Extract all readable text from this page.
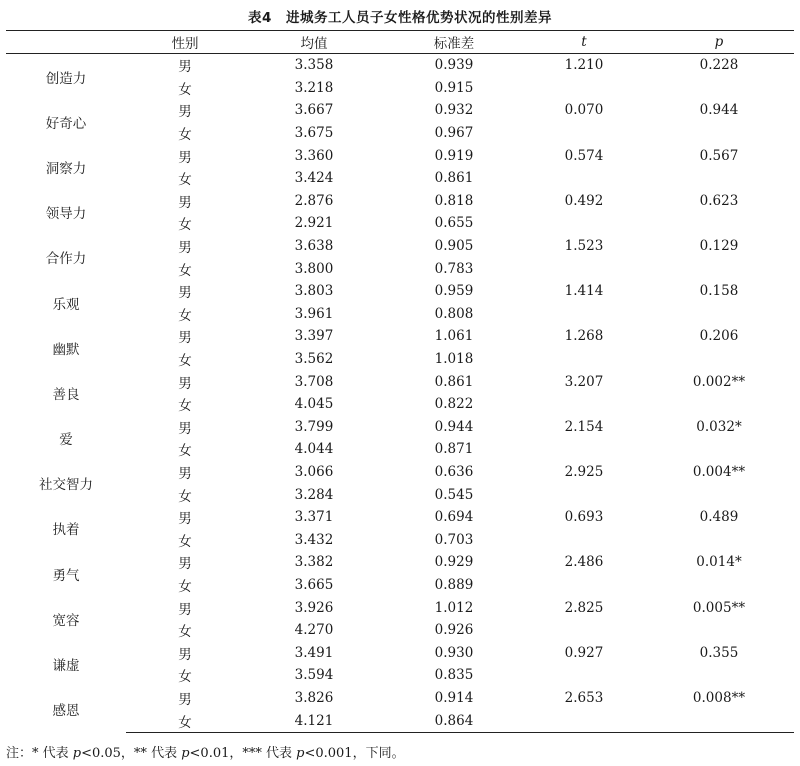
表4　进城务工人员子女性格优势状况的性别差异
	性别	均值	标准差	t	p
创造力	男	3.358	0.939	1.210	0.228
	女	3.218	0.915		
好奇心	男	3.667	0.932	0.070	0.944
	女	3.675	0.967		
洞察力	男	3.360	0.919	0.574	0.567
	女	3.424	0.861		
领导力	男	2.876	0.818	0.492	0.623
	女	2.921	0.655		
合作力	男	3.638	0.905	1.523	0.129
	女	3.800	0.783		
乐观	男	3.803	0.959	1.414	0.158
	女	3.961	0.808		
幽默	男	3.397	1.061	1.268	0.206
	女	3.562	1.018		
善良	男	3.708	0.861	3.207	0.002**
	女	4.045	0.822		
爱	男	3.799	0.944	2.154	0.032*
	女	4.044	0.871		
社交智力	男	3.066	0.636	2.925	0.004**
	女	3.284	0.545		
执着	男	3.371	0.694	0.693	0.489
	女	3.432	0.703		
勇气	男	3.382	0.929	2.486	0.014*
	女	3.665	0.889		
宽容	男	3.926	1.012	2.825	0.005**
	女	4.270	0.926		
谦虚	男	3.491	0.930	0.927	0.355
	女	3.594	0.835		
感恩	男	3.826	0.914	2.653	0.008**
	女	4.121	0.864		
注：* 代表 p<0.05，** 代表 p<0.01，*** 代表 p<0.001，下同。
